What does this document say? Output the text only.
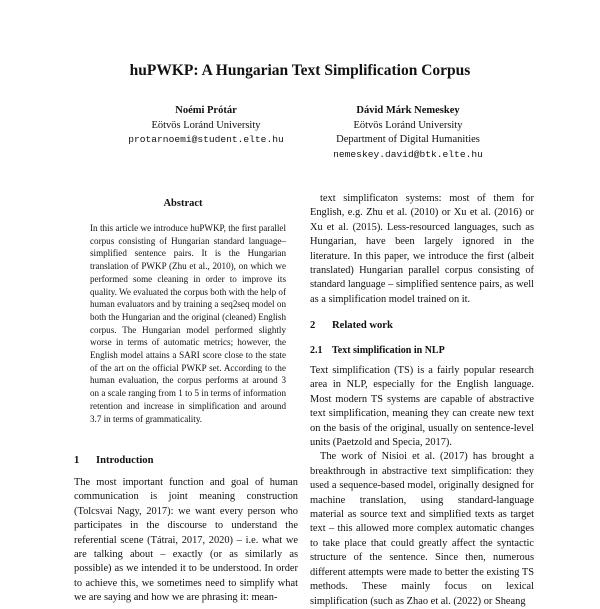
huPWKP: A Hungarian Text Simplification Corpus
Noémi Prótár
Eötvös Loránd University
protarnoemi@student.elte.hu
Dávid Márk Nemeskey
Eötvös Loránd University
Department of Digital Humanities
nemeskey.david@btk.elte.hu
Abstract

In this article we introduce huPWKP, the first parallel corpus consisting of Hungarian standard language–simplified sentence pairs. It is the Hungarian translation of PWKP (Zhu et al., 2010), on which we performed some cleaning in order to improve its quality. We evaluated the corpus both with the help of human evaluators and by training a seq2seq model on both the Hungarian and the original (cleaned) English corpus. The Hungarian model performed slightly worse in terms of automatic metrics; however, the English model attains a SARI score close to the state of the art on the official PWKP set. According to the human evaluation, the corpus performs at around 3 on a scale ranging from 1 to 5 in terms of information retention and increase in simplification and around 3.7 in terms of grammaticality.

1 Introduction

The most important function and goal of human communication is joint meaning construction (Tolcsvai Nagy, 2017): we want every person who participates in the discourse to understand the referential scene (Tátrai, 2017, 2020) – i.e. what we are talking about – exactly (or as similarly as possible) as we intended it to be understood. In order to achieve this, we sometimes need to simplify what we are saying and how we are phrasing it: mean-

text simplificaton systems: most of them for English, e.g. Zhu et al. (2010) or Xu et al. (2016) or Xu et al. (2015). Less-resourced languages, such as Hungarian, have been largely ignored in the literature. In this paper, we introduce the first (albeit translated) Hungarian parallel corpus consisting of standard language – simplified sentence pairs, as well as a simplification model trained on it.

2 Related work
2.1 Text simplification in NLP

Text simplification (TS) is a fairly popular research area in NLP, especially for the English language. Most modern TS systems are capable of abstractive text simplification, meaning they can create new text on the basis of the original, usually on sentence-level units (Paetzold and Specia, 2017).

The work of Nisioi et al. (2017) has brought a breakthrough in abstractive text simplification: they used a sequence-based model, originally designed for machine translation, using standard-language material as source text and simplified texts as target text – this allowed more complex automatic changes to take place that could greatly affect the syntactic structure of the sentence. Since then, numerous different attempts were made to better the existing TS methods. These mainly focus on lexical simplification (such as Zhao et al. (2022) or Sheang
